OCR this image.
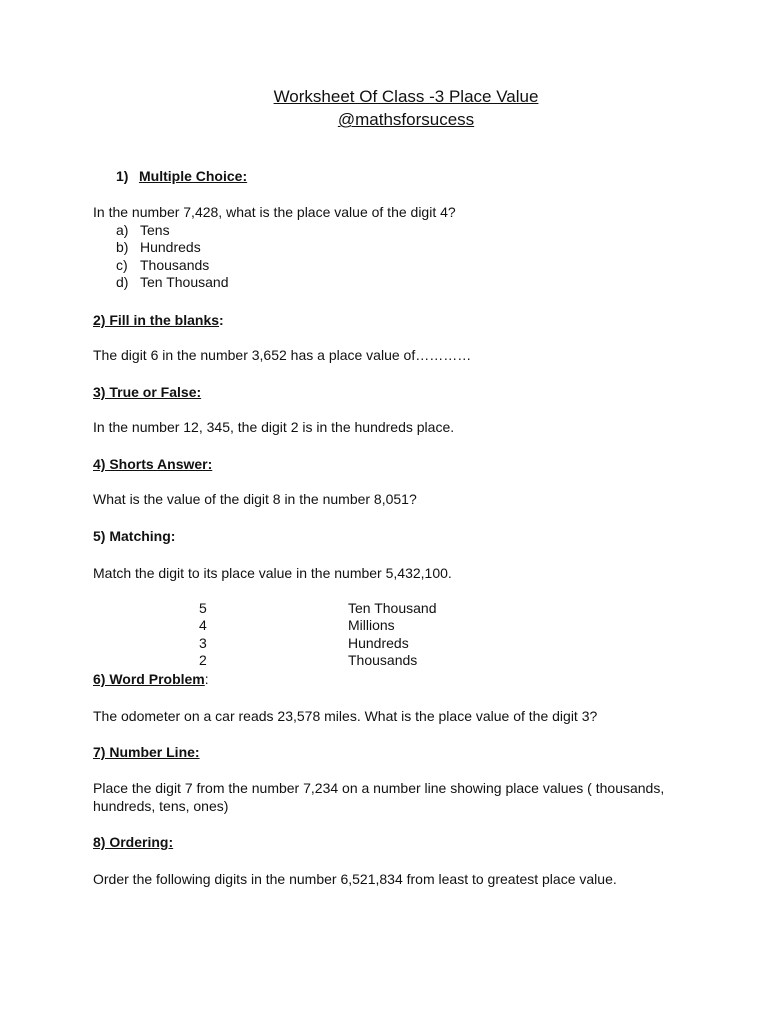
Worksheet Of Class -3 Place Value
@mathsforsucess
1) Multiple Choice:
In the number 7,428, what is the place value of the digit 4?
a) Tens
b) Hundreds
c) Thousands
d) Ten Thousand
2) Fill in the blanks:
The digit 6 in the number 3,652 has a place value of…………
3) True or False:
In the number 12, 345, the digit 2 is in the hundreds place.
4) Shorts Answer:
What is the value of the digit 8 in the number 8,051?
5) Matching:
Match the digit to its place value in the number 5,432,100.
5
4
3
2
Ten Thousand
Millions
Hundreds
Thousands
6) Word Problem:
The odometer on a car reads 23,578 miles. What is the place value of the digit 3?
7) Number Line:
Place the digit 7 from the number 7,234 on a number line showing place values ( thousands,
hundreds, tens, ones)
8) Ordering:
Order the following digits in the number 6,521,834 from least to greatest place value.
